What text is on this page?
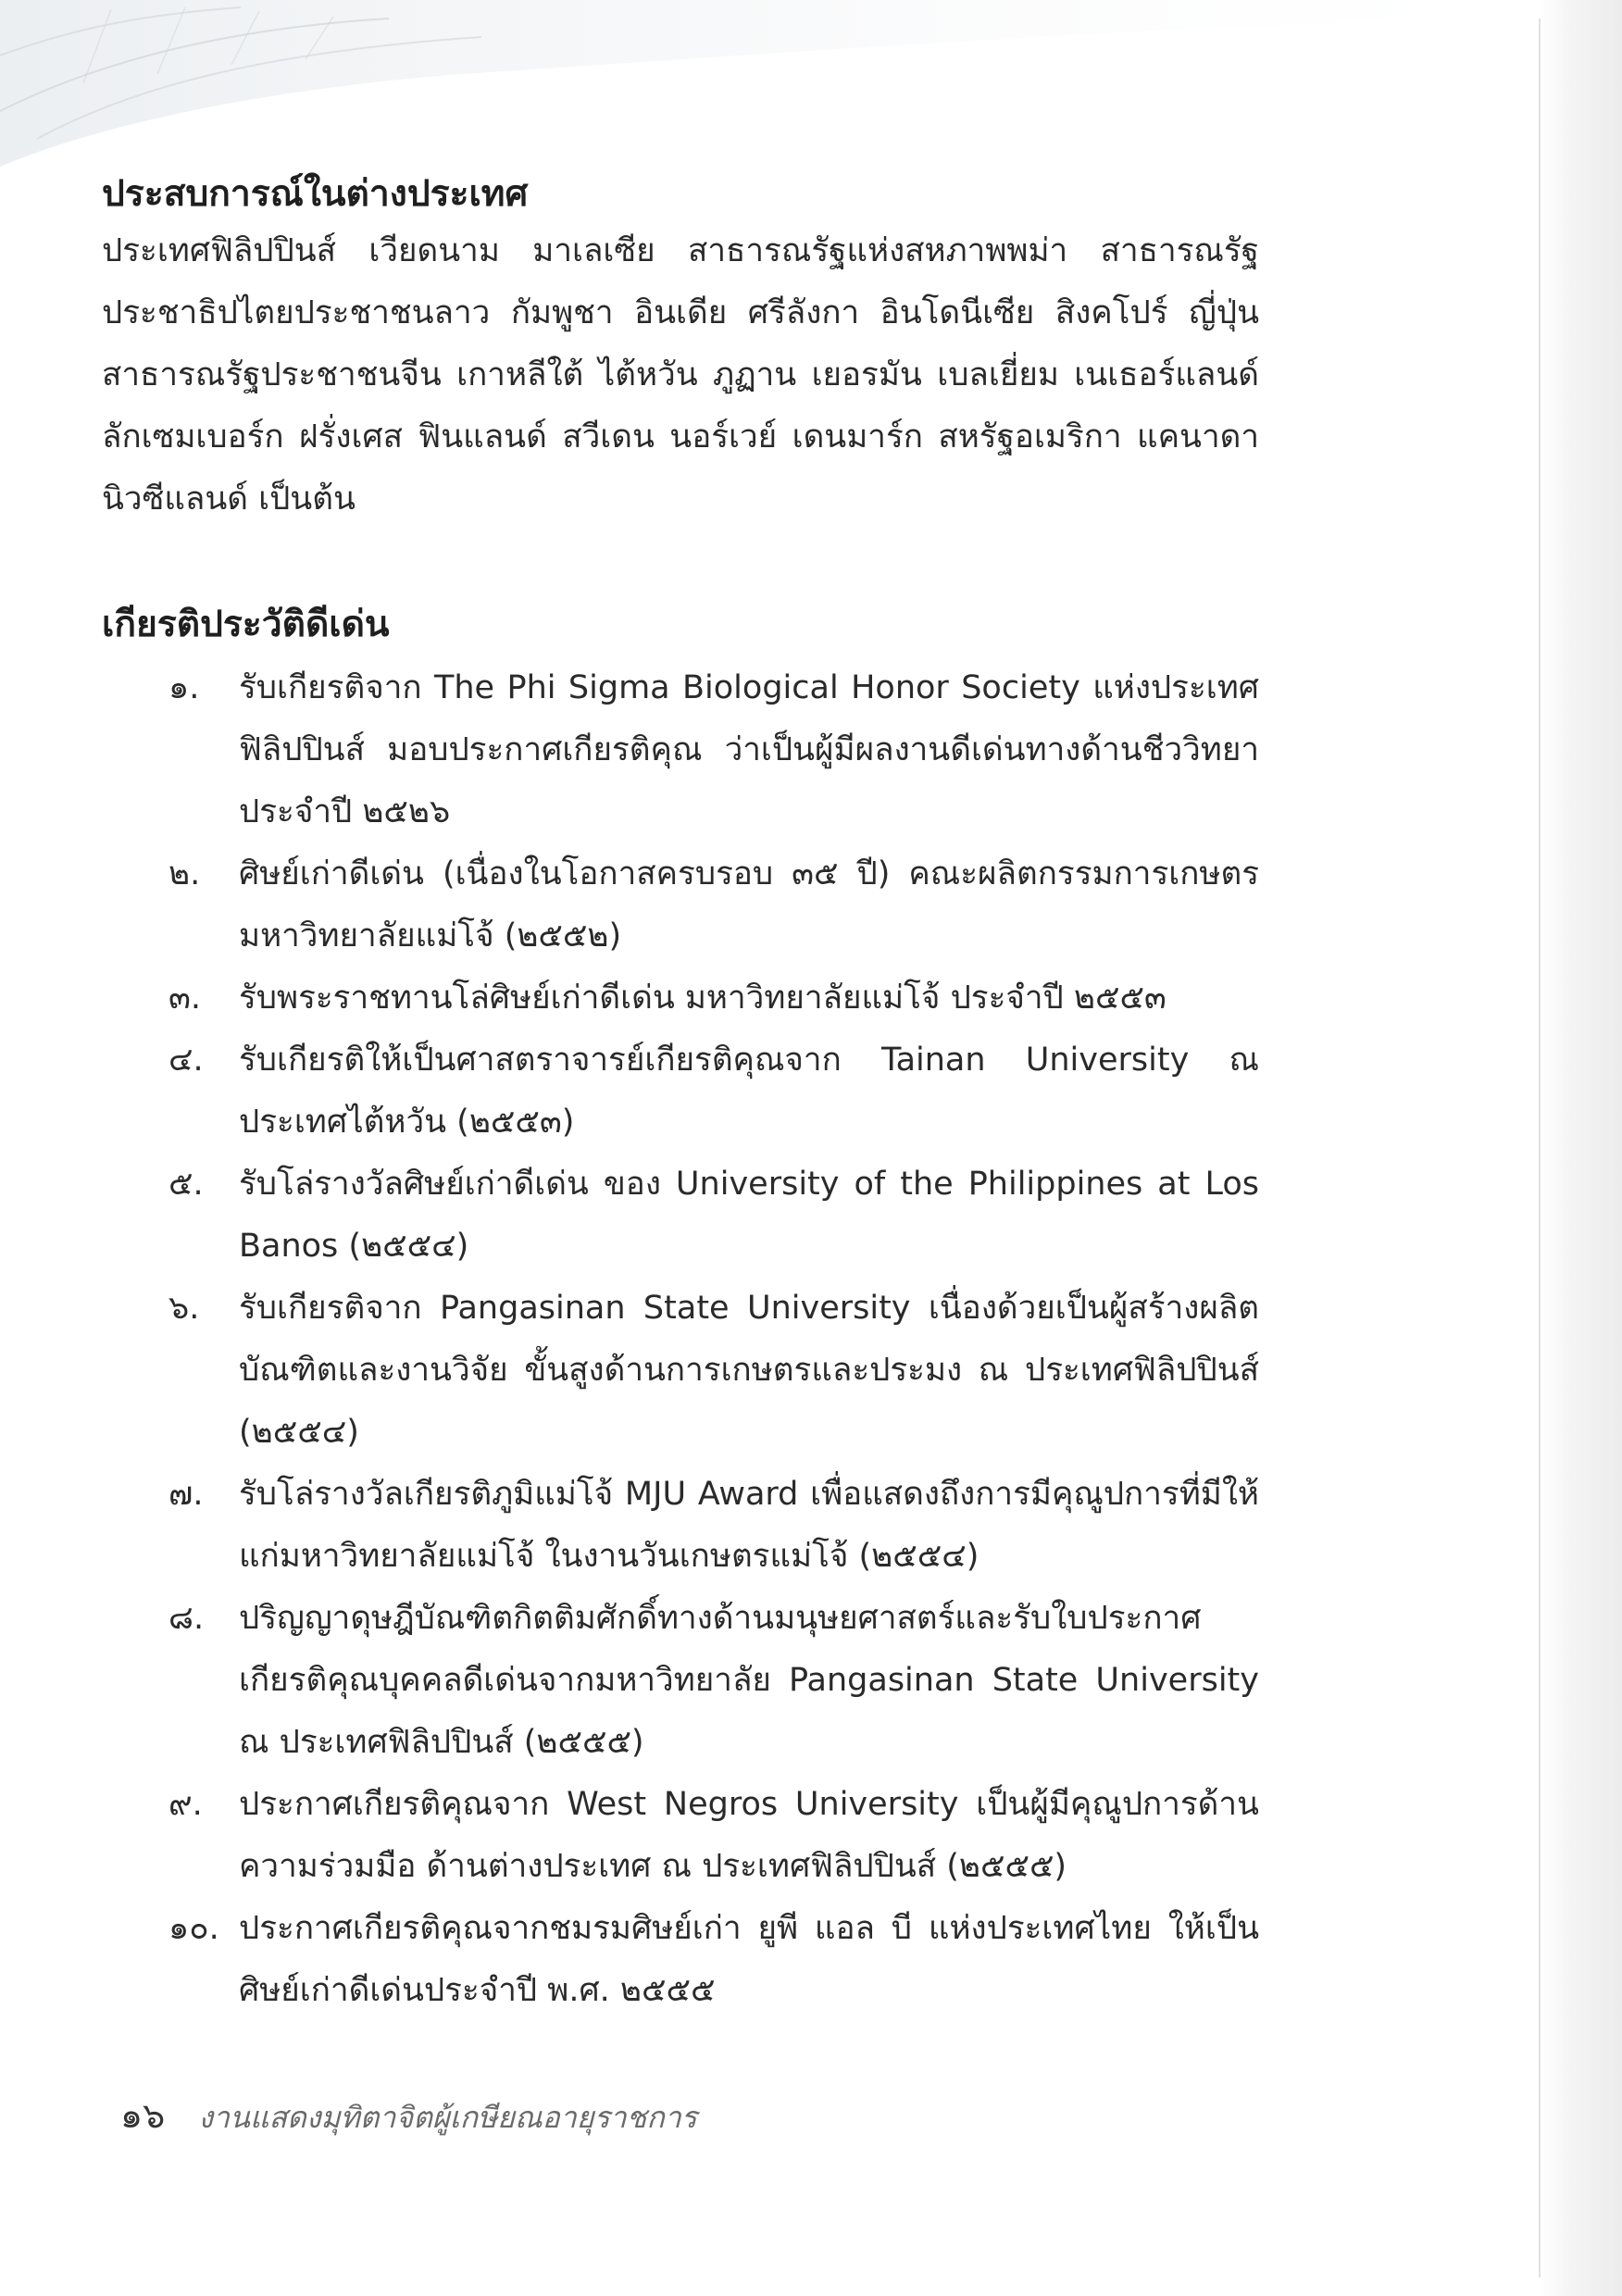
ประสบการณ์ในต่างประเทศ

ประเทศฟิลิปปินส์ เวียดนาม มาเลเซีย สาธารณรัฐแห่งสหภาพพม่า สาธารณรัฐประชาธิปไตยประชาชนลาว กัมพูชา อินเดีย ศรีลังกา อินโดนีเซีย สิงคโปร์ ญี่ปุ่น สาธารณรัฐประชาชนจีน เกาหลีใต้ ไต้หวัน ภูฏาน เยอรมัน เบลเยี่ยม เนเธอร์แลนด์ ลักเซมเบอร์ก ฝรั่งเศส ฟินแลนด์ สวีเดน นอร์เวย์ เดนมาร์ก สหรัฐอเมริกา แคนาดา นิวซีแลนด์ เป็นต้น

เกียรติประวัติดีเด่น
๑.	รับเกียรติจาก The Phi Sigma Biological Honor Society แห่งประเทศฟิลิปปินส์ มอบประกาศเกียรติคุณ ว่าเป็นผู้มีผลงานดีเด่นทางด้านชีววิทยา ประจำปี ๒๕๒๖
๒.	ศิษย์เก่าดีเด่น (เนื่องในโอกาสครบรอบ ๓๕ ปี) คณะผลิตกรรมการเกษตร มหาวิทยาลัยแม่โจ้ (๒๕๕๒)
๓.	รับพระราชทานโล่ศิษย์เก่าดีเด่น มหาวิทยาลัยแม่โจ้ ประจำปี ๒๕๕๓
๔.	รับเกียรติให้เป็นศาสตราจารย์เกียรติคุณจาก Tainan University ณ ประเทศไต้หวัน (๒๕๕๓)
๕.	รับโล่รางวัลศิษย์เก่าดีเด่น ของ University of the Philippines at Los Banos (๒๕๕๔)
๖.	รับเกียรติจาก Pangasinan State University เนื่องด้วยเป็นผู้สร้างผลิตบัณฑิตและงานวิจัย ขั้นสูงด้านการเกษตรและประมง ณ ประเทศฟิลิปปินส์ (๒๕๕๔)
๗.	รับโล่รางวัลเกียรติภูมิแม่โจ้ MJU Award เพื่อแสดงถึงการมีคุณูปการที่มีให้แก่มหาวิทยาลัยแม่โจ้ ในงานวันเกษตรแม่โจ้ (๒๕๕๔)
๘.	ปริญญาดุษฎีบัณฑิตกิตติมศักดิ์ทางด้านมนุษยศาสตร์และรับใบประกาศเกียรติคุณบุคคลดีเด่นจากมหาวิทยาลัย Pangasinan State University ณ ประเทศฟิลิปปินส์ (๒๕๕๕)
๙.	ประกาศเกียรติคุณจาก West Negros University เป็นผู้มีคุณูปการด้านความร่วมมือ ด้านต่างประเทศ ณ ประเทศฟิลิปปินส์ (๒๕๕๕)
๑๐. ประกาศเกียรติคุณจากชมรมศิษย์เก่า ยูพี แอล บี แห่งประเทศไทย ให้เป็นศิษย์เก่าดีเด่นประจำปี พ.ศ. ๒๕๕๕
๑๖ งานแสดงมุทิตาจิตผู้เกษียณอายุราชการ
